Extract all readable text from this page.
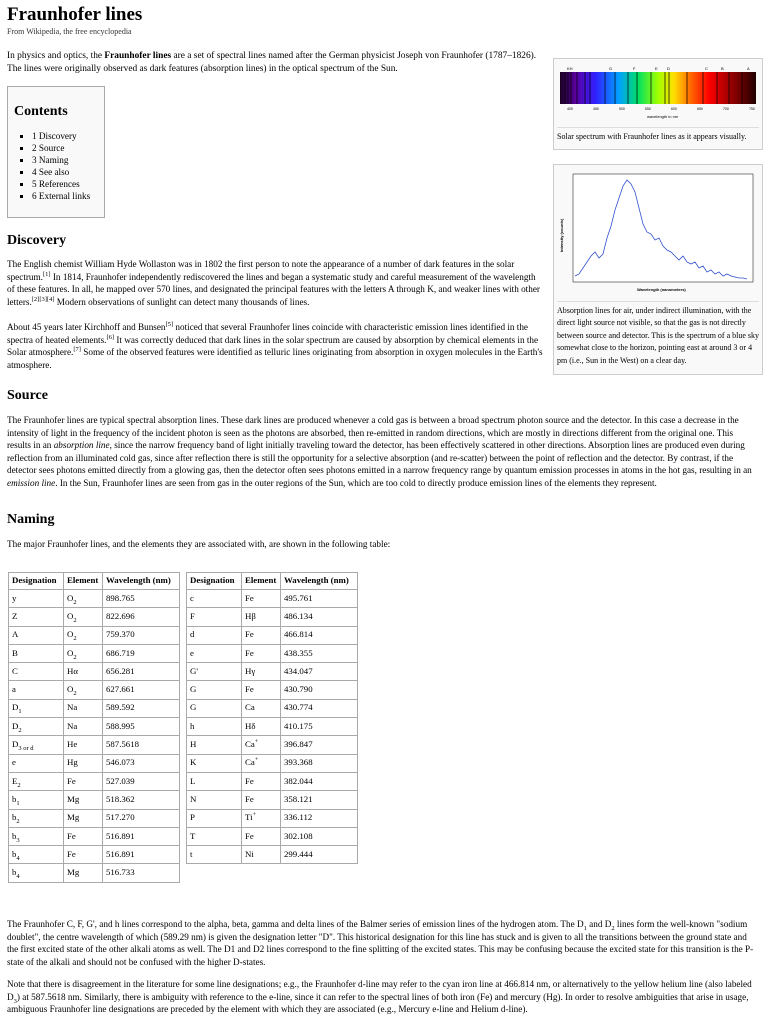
Fraunhofer lines
From Wikipedia, the free encyclopedia
In physics and optics, the Fraunhofer lines are a set of spectral lines named after the German physicist Joseph von Fraunhofer (1787–1826). The lines were originally observed as dark features (absorption lines) in the optical spectrum of the Sun.
Contents
▪ 1 Discovery
▪ 2 Source
▪ 3 Naming
▪ 4 See also
▪ 5 References
▪ 6 External links
KH	G	F	E D	C	B	A
400	450	500	550	600	650	700	750
wavelength in nm
Solar spectrum with Fraunhofer lines as it appears visually.
Wavelength (nanometers)
Intensity (counts)
Absorption lines for air, under indirect illumination, with the direct light source not visible, so that the gas is not directly between source and detector. This is the spectrum of a blue sky somewhat close to the horizon, pointing east at around 3 or 4 pm (i.e., Sun in the West) on a clear day.
Discovery
The English chemist William Hyde Wollaston was in 1802 the first person to note the appearance of a number of dark features in the solar spectrum.[1] In 1814, Fraunhofer independently rediscovered the lines and began a systematic study and careful measurement of the wavelength of these features. In all, he mapped over 570 lines, and designated the principal features with the letters A through K, and weaker lines with other letters.[2][3][4] Modern observations of sunlight can detect many thousands of lines.
About 45 years later Kirchhoff and Bunsen[5] noticed that several Fraunhofer lines coincide with characteristic emission lines identified in the spectra of heated elements.[6] It was correctly deduced that dark lines in the solar spectrum are caused by absorption by chemical elements in the Solar atmosphere.[7] Some of the observed features were identified as telluric lines originating from absorption in oxygen molecules in the Earth's atmosphere.
Source
The Fraunhofer lines are typical spectral absorption lines. These dark lines are produced whenever a cold gas is between a broad spectrum photon source and the detector. In this case a decrease in the intensity of light in the frequency of the incident photon is seen as the photons are absorbed, then re-emitted in random directions, which are mostly in directions different from the original one. This results in an absorption line, since the narrow frequency band of light initially traveling toward the detector, has been effectively scattered in other directions. Absorption lines are produced even during reflection from an illuminated cold gas, since after reflection there is still the opportunity for a selective absorption (and re-scatter) between the point of reflection and the detector. By contrast, if the detector sees photons emitted directly from a glowing gas, then the detector often sees photons emitted in a narrow frequency range by quantum emission processes in atoms in the hot gas, resulting in an emission line. In the Sun, Fraunhofer lines are seen from gas in the outer regions of the Sun, which are too cold to directly produce emission lines of the elements they represent.
Naming
The major Fraunhofer lines, and the elements they are associated with, are shown in the following table:
Designation	Element	Wavelength (nm)
y	$O_2$	898.765
Z	$O_2$	822.696
A	$O_2$	759.370
B	$O_2$	686.719
C	Hα	656.281
a	$O_2$	627.661
$D_1$	Na	589.592
$D_2$	Na	588.995
$D_{3 or d}$	He	587.5618
e	Hg	546.073
$E_2$	Fe	527.039
$b_1$	Mg	518.362
$b_2$	Mg	517.270
$b_3$	Fe	516.891
$b_4$	Fe	516.891
$b_4$	Mg	516.733
Designation	Element	Wavelength (nm)
c	Fe	495.761
F	Hβ	486.134
d	Fe	466.814
e	Fe	438.355
G'	Hγ	434.047
G	Fe	430.790
G	Ca	430.774
h	Hδ	410.175
H	Ca+	396.847
K	Ca+	393.368
L	Fe	382.044
N	Fe	358.121
P	Ti+	336.112
T	Fe	302.108
t	Ni	299.444
The Fraunhofer C, F, G', and h lines correspond to the alpha, beta, gamma and delta lines of the Balmer series of emission lines of the hydrogen atom. The $D_1$ and $D_2$ lines form the well-known "sodium doublet", the centre wavelength of which (589.29 nm) is given the designation letter "D". This historical designation for this line has stuck and is given to all the transitions between the ground state and the first excited state of the other alkali atoms as well. The D1 and D2 lines correspond to the fine splitting of the excited states. This may be confusing because the excited state for this transition is the P-state of the alkali and should not be confused with the higher D-states.
Note that there is disagreement in the literature for some line designations; e.g., the Fraunhofer d-line may refer to the cyan iron line at 466.814 nm, or alternatively to the yellow helium line (also labeled $D_3$) at 587.5618 nm. Similarly, there is ambiguity with reference to the e-line, since it can refer to the spectral lines of both iron (Fe) and mercury (Hg). In order to resolve ambiguities that arise in usage, ambiguous Fraunhofer line designations are preceded by the element with which they are associated (e.g., Mercury e-line and Helium d-line).
